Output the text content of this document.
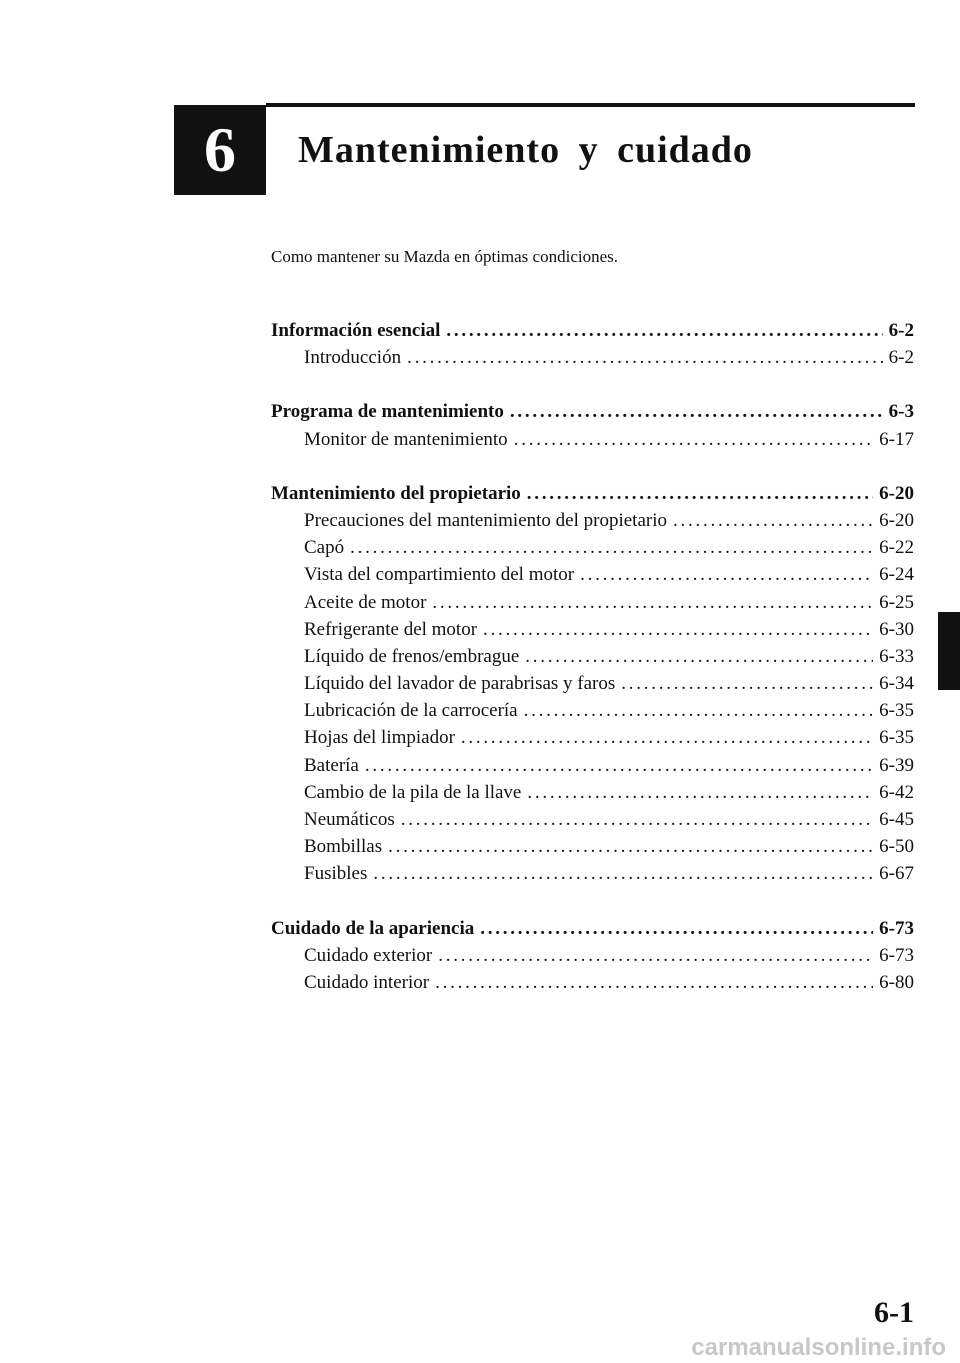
6 Mantenimiento y cuidado
Como mantener su Mazda en óptimas condiciones.
Información esencial . . .	6-2
Introducción . . .	6-2
Programa de mantenimiento . . .	6-3
Monitor de mantenimiento . . .	6-17
Mantenimiento del propietario . . .	6-20
Precauciones del mantenimiento del propietario . . .	6-20
Capó . . .	6-22
Vista del compartimiento del motor . . .	6-24
Aceite de motor . . .	6-25
Refrigerante del motor . . .	6-30
Líquido de frenos/embrague . . .	6-33
Líquido del lavador de parabrisas y faros . . .	6-34
Lubricación de la carrocería . . .	6-35
Hojas del limpiador . . .	6-35
Batería . . .	6-39
Cambio de la pila de la llave . . .	6-42
Neumáticos . . .	6-45
Bombillas . . .	6-50
Fusibles . . .	6-67
Cuidado de la apariencia . . .	6-73
Cuidado exterior . . .	6-73
Cuidado interior . . .	6-80
6-1
carmanualsonline.info
